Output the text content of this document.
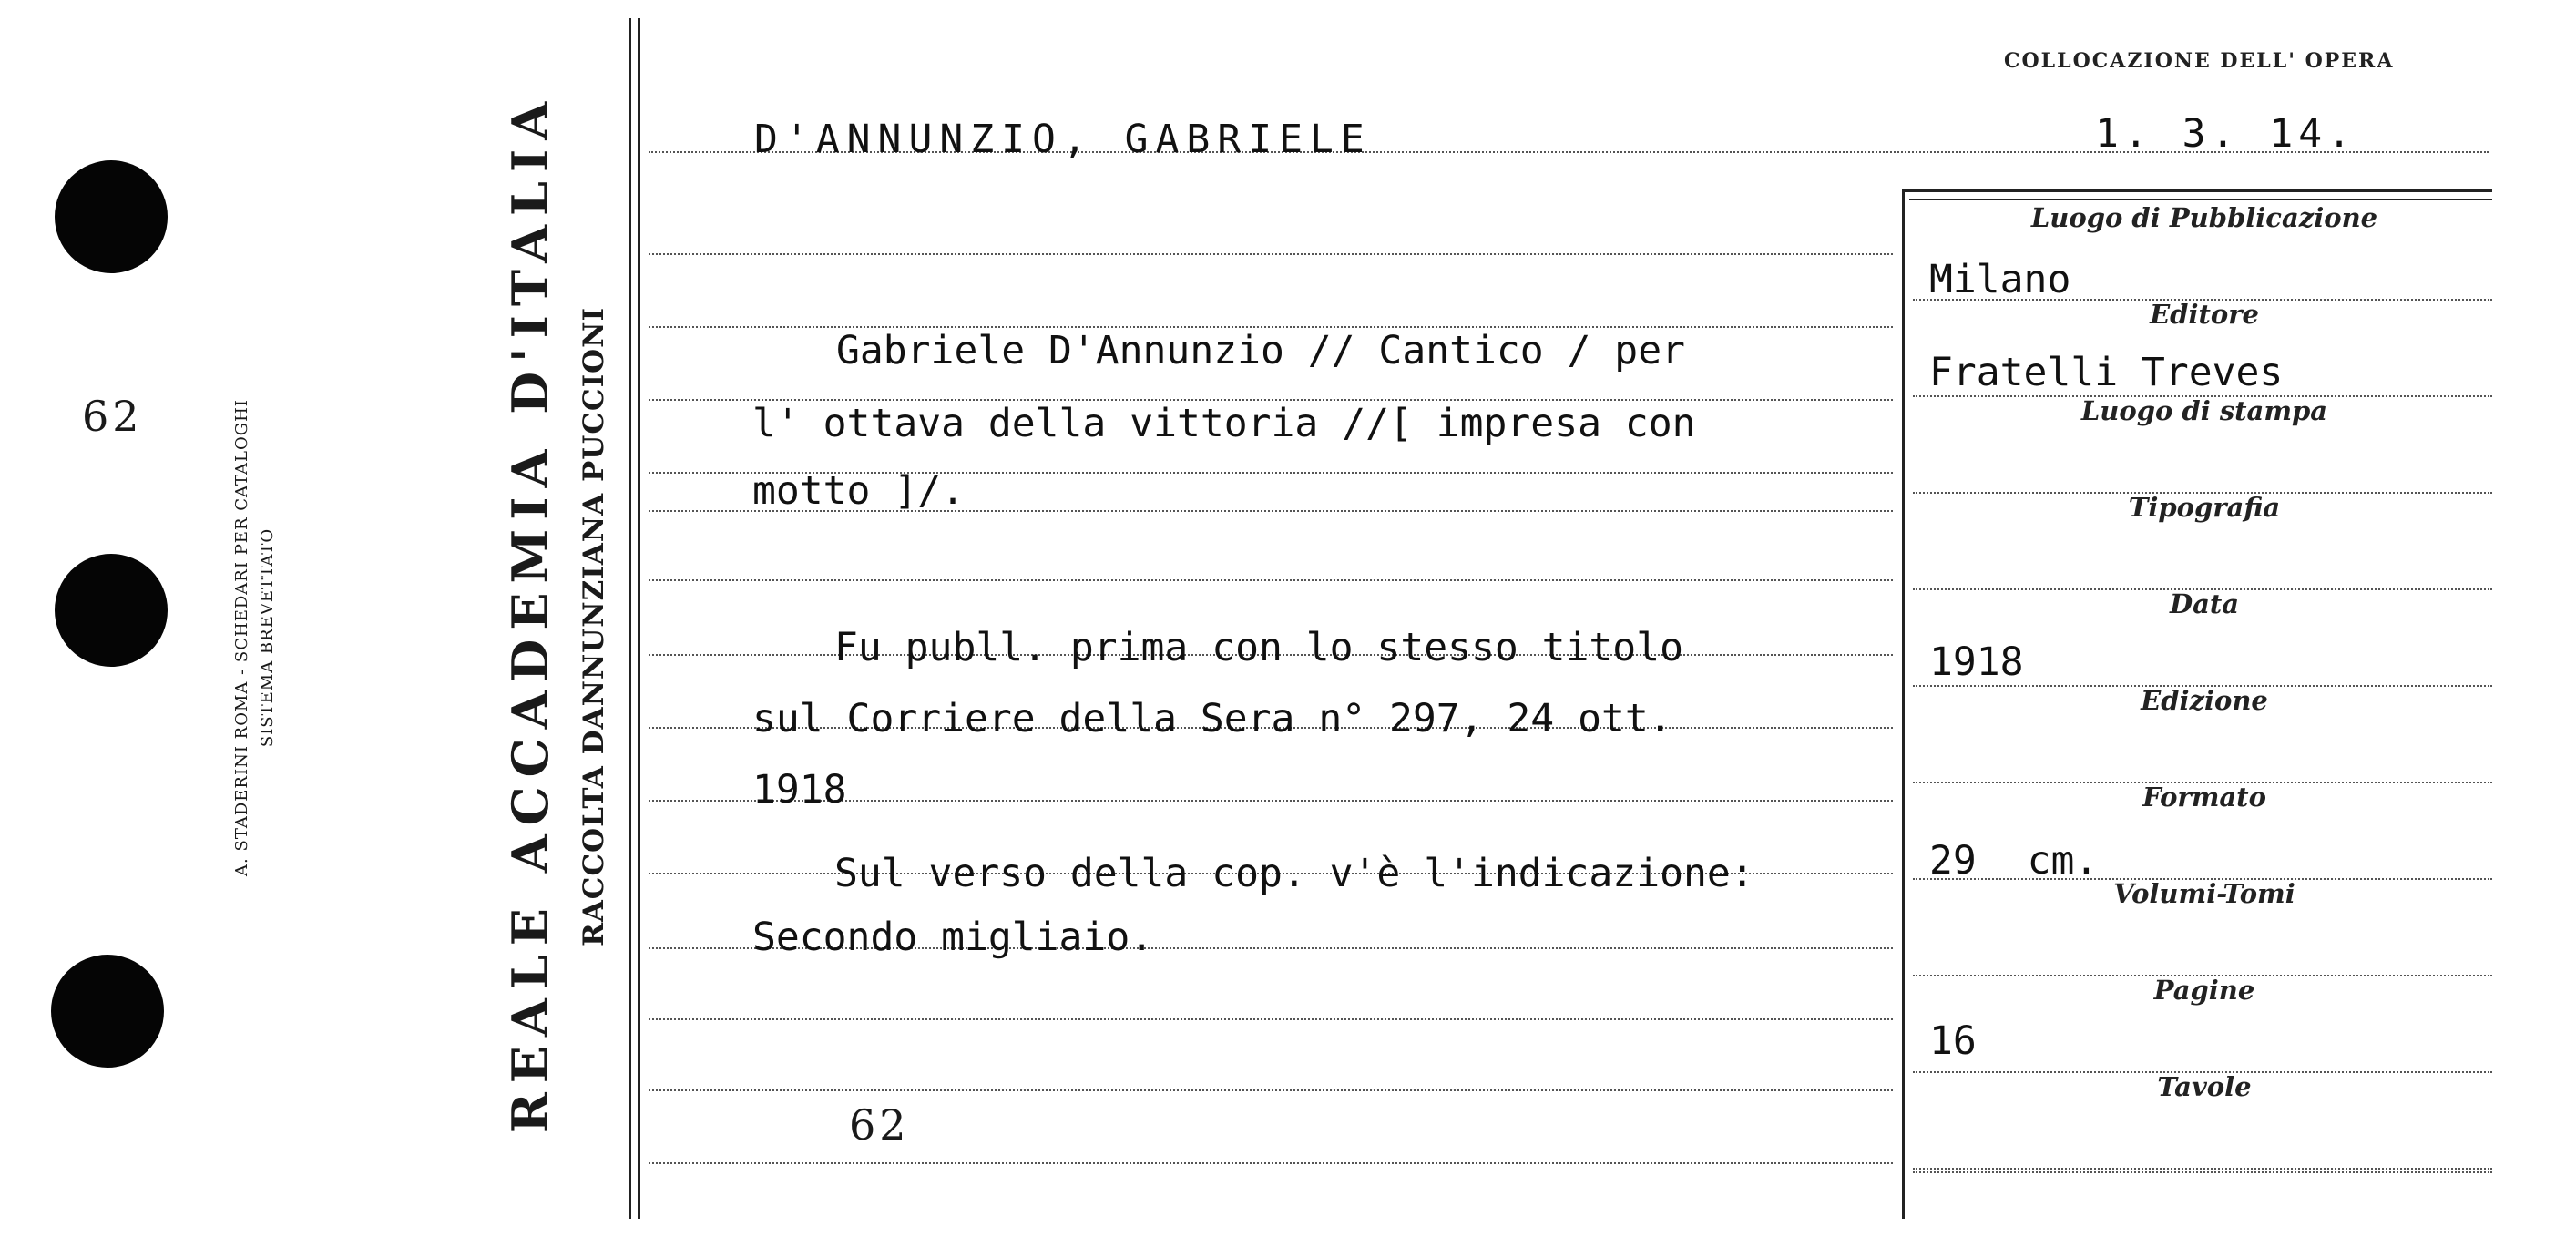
62	A. STADERINI ROMA - SCHEDARI PER CATALOGHI SISTEMA BREVETTATO	REALE ACCADEMIA D'ITALIA RACCOLTA DANNUNZIANA PUCCIONI
COLLOCAZIONE DELL' OPERA
1. 3. 14.
D'ANNUNZIO, GABRIELE
Gabriele D'Annunzio // Cantico / per
l' ottava della vittoria //[ impresa con
motto ]/.
Fu publl. prima con lo stesso titolo
sul Corriere della Sera n° 297, 24 ott.
1918
Sul verso della cop. v'è l'indicazione:
Secondo migliaio.
62
Luogo di Pubblicazione
Editore
Luogo di stampa
Tipografia
Data
Edizione
Formato
Volumi-Tomi
Pagine
Tavole
Milano
Fratelli Treves
1918
29 cm.
16
